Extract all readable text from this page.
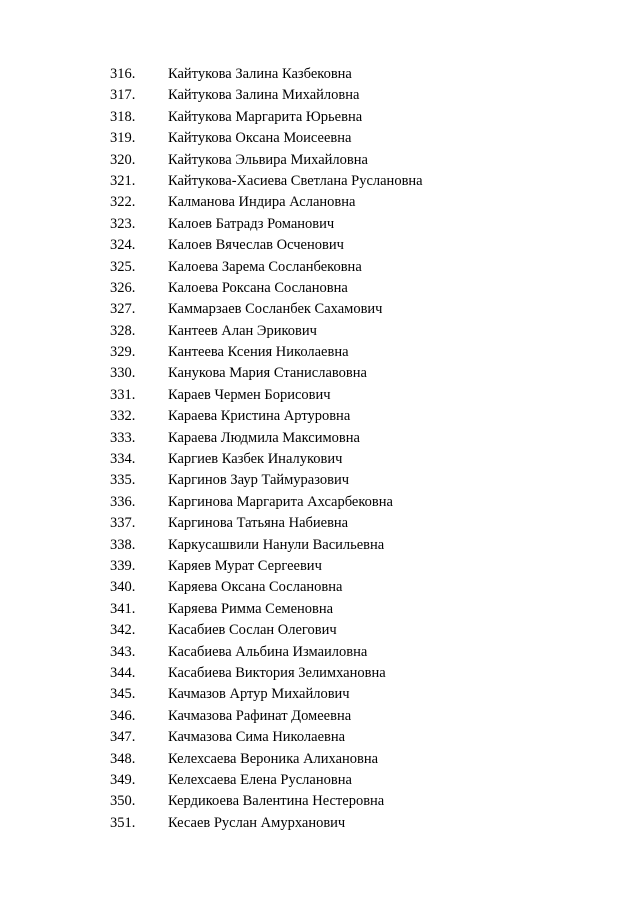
316.	Кайтукова Залина Казбековна
317.	Кайтукова Залина Михайловна
318.	Кайтукова Маргарита Юрьевна
319.	Кайтукова Оксана Моисеевна
320.	Кайтукова Эльвира Михайловна
321.	Кайтукова-Хасиева Светлана Руслановна
322.	Калманова Индира Аслановна
323.	Калоев Батрадз Романович
324.	Калоев Вячеслав Осченович
325.	Калоева Зарема Сосланбековна
326.	Калоева Роксана Сослановна
327.	Каммарзаев Сосланбек Сахамович
328.	Кантеев Алан Эрикович
329.	Кантеева Ксения Николаевна
330.	Канукова Мария Станиславовна
331.	Караев Чермен Борисович
332.	Караева Кристина Артуровна
333.	Караева Людмила Максимовна
334.	Каргиев Казбек Иналукович
335.	Каргинов Заур Таймуразович
336.	Каргинова Маргарита Ахсарбековна
337.	Каргинова Татьяна Набиевна
338.	Каркусашвили Нанули Васильевна
339.	Каряев Мурат Сергеевич
340.	Каряева Оксана Сослановна
341.	Каряева Римма Семеновна
342.	Касабиев Сослан Олегович
343.	Касабиева Альбина Измаиловна
344.	Касабиева Виктория Зелимхановна
345.	Качмазов Артур Михайлович
346.	Качмазова Рафинат Домеевна
347.	Качмазова Сима Николаевна
348.	Келехсаева Вероника Алихановна
349.	Келехсаева Елена Руслановна
350.	Кердикоева Валентина Нестеровна
351.	Кесаев Руслан Амурханович
